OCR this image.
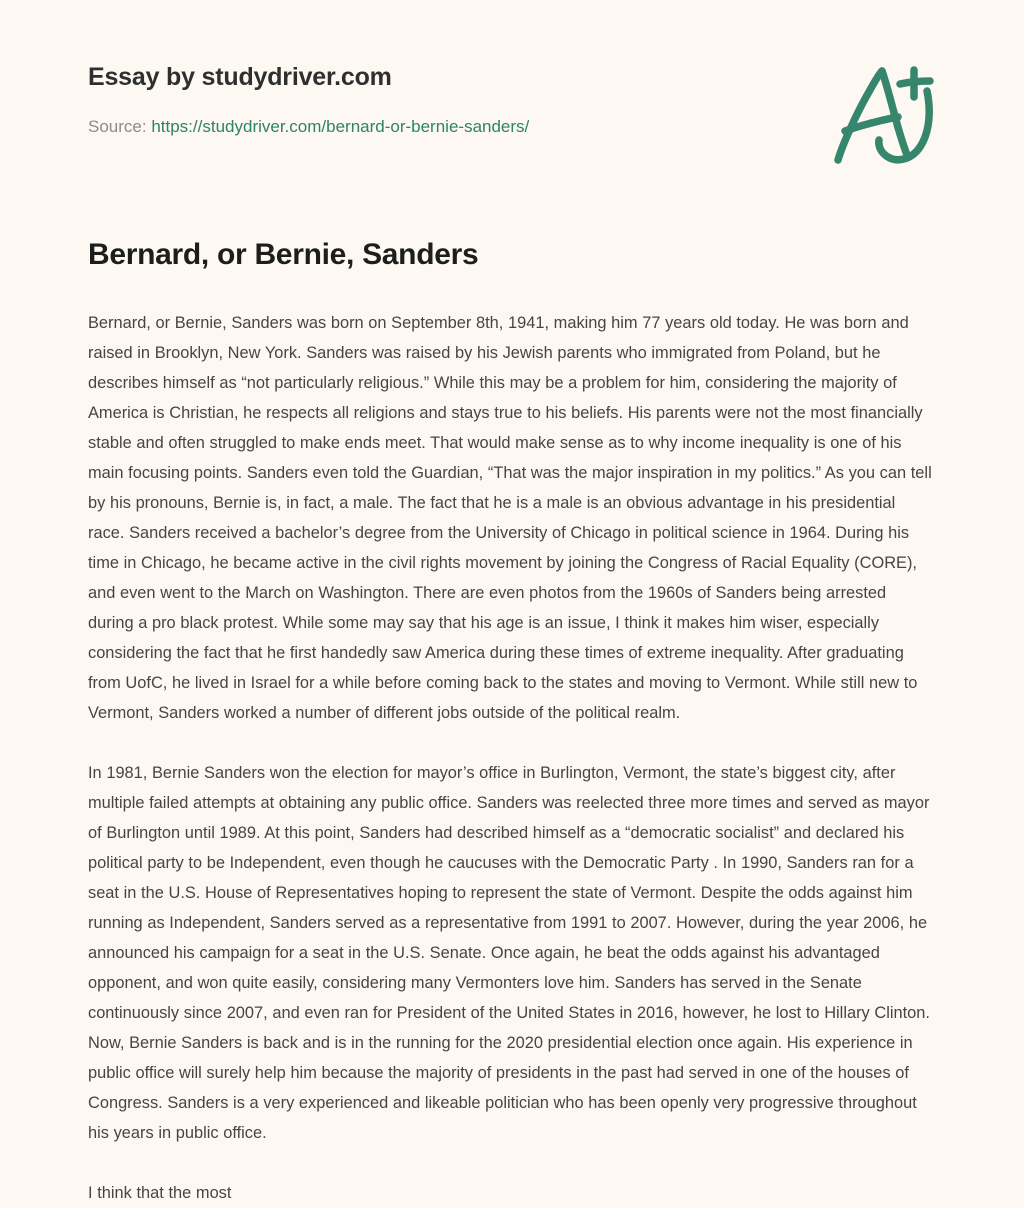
Essay by studydriver.com
Source: https://studydriver.com/bernard-or-bernie-sanders/
Bernard, or Bernie, Sanders

Bernard, or Bernie, Sanders was born on September 8th, 1941, making him 77 years old today. He was born and raised in Brooklyn, New York. Sanders was raised by his Jewish parents who immigrated from Poland, but he describes himself as “not particularly religious.” While this may be a problem for him, considering the majority of America is Christian, he respects all religions and stays true to his beliefs. His parents were not the most financially stable and often struggled to make ends meet. That would make sense as to why income inequality is one of his main focusing points. Sanders even told the Guardian, “That was the major inspiration in my politics.” As you can tell by his pronouns, Bernie is, in fact, a male. The fact that he is a male is an obvious advantage in his presidential race. Sanders received a bachelor’s degree from the University of Chicago in political science in 1964. During his time in Chicago, he became active in the civil rights movement by joining the Congress of Racial Equality (CORE), and even went to the March on Washington. There are even photos from the 1960s of Sanders being arrested during a pro black protest. While some may say that his age is an issue, I think it makes him wiser, especially considering the fact that he first handedly saw America during these times of extreme inequality. After graduating from UofC, he lived in Israel for a while before coming back to the states and moving to Vermont. While still new to Vermont, Sanders worked a number of different jobs outside of the political realm.

In 1981, Bernie Sanders won the election for mayor’s office in Burlington, Vermont, the state’s biggest city, after multiple failed attempts at obtaining any public office. Sanders was reelected three more times and served as mayor of Burlington until 1989. At this point, Sanders had described himself as a “democratic socialist” and declared his political party to be Independent, even though he caucuses with the Democratic Party . In 1990, Sanders ran for a seat in the U.S. House of Representatives hoping to represent the state of Vermont. Despite the odds against him running as Independent, Sanders served as a representative from 1991 to 2007. However, during the year 2006, he announced his campaign for a seat in the U.S. Senate. Once again, he beat the odds against his advantaged opponent, and won quite easily, considering many Vermonters love him. Sanders has served in the Senate continuously since 2007, and even ran for President of the United States in 2016, however, he lost to Hillary Clinton. Now, Bernie Sanders is back and is in the running for the 2020 presidential election once again. His experience in public office will surely help him because the majority of presidents in the past had served in one of the houses of Congress. Sanders is a very experienced and likeable politician who has been openly very progressive throughout his years in public office.

I think that the most
